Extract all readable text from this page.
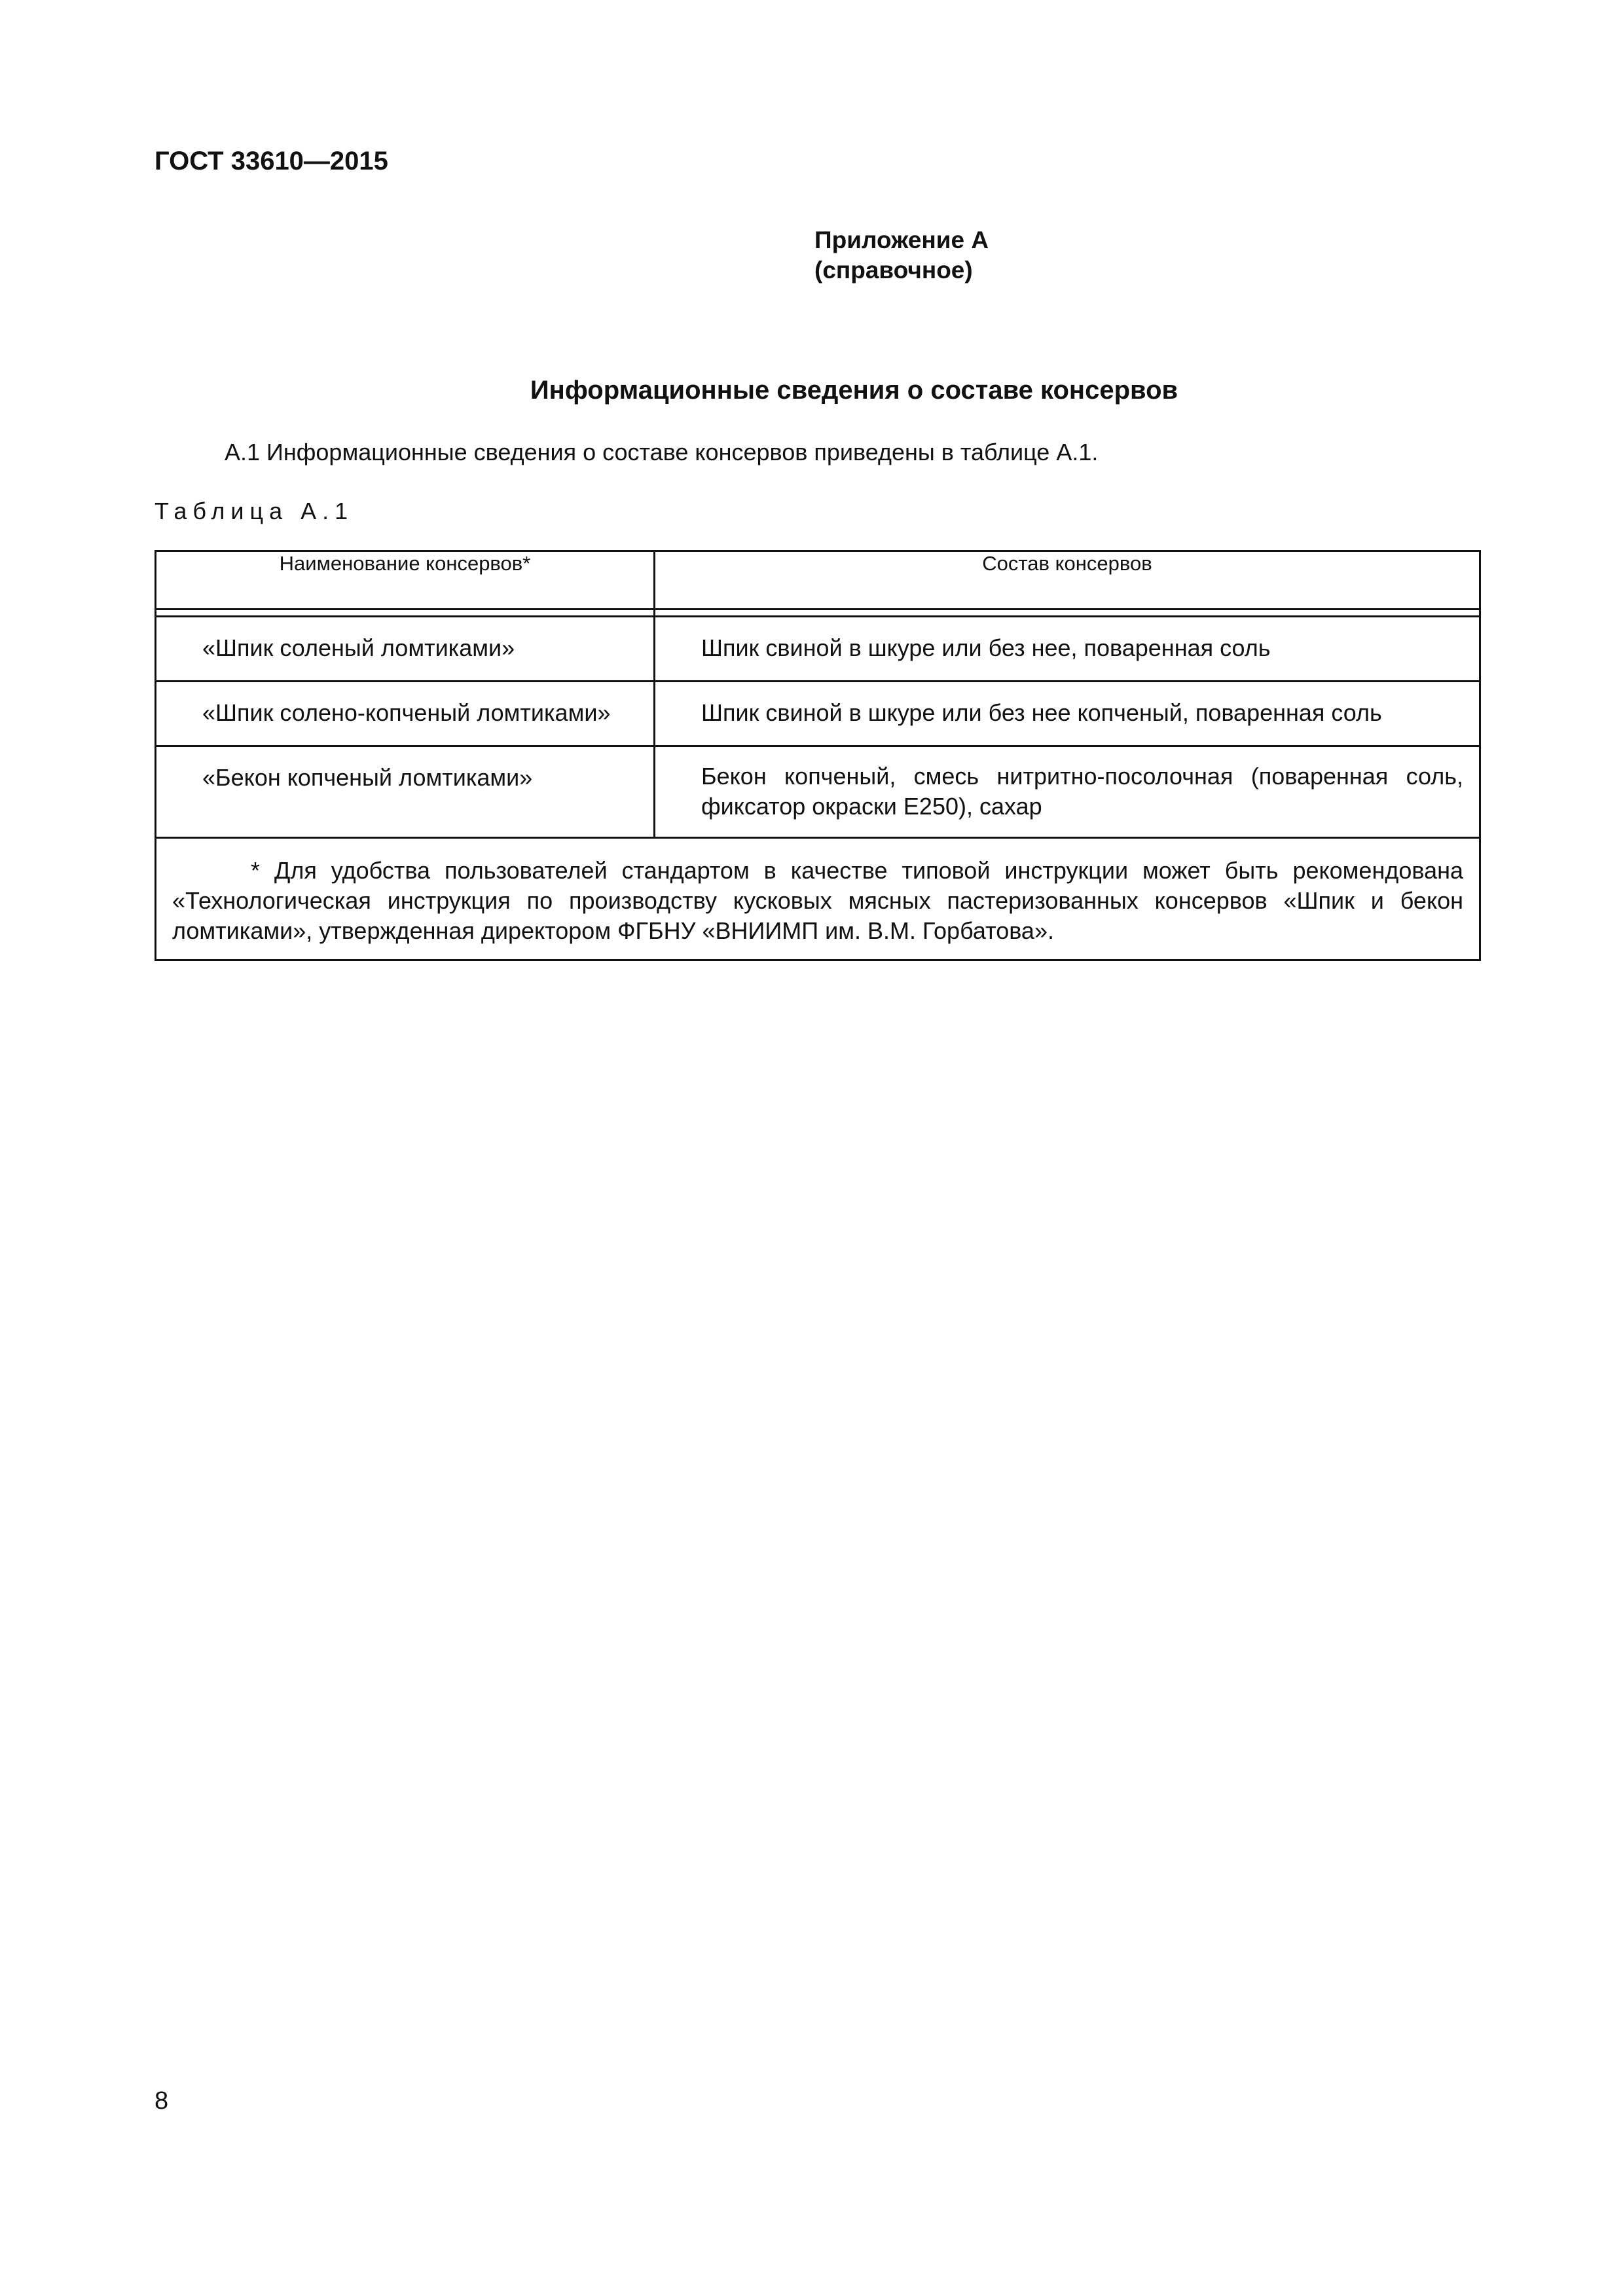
ГОСТ 33610—2015
Приложение А
(справочное)
Информационные сведения о составе консервов
А.1 Информационные сведения о составе консервов приведены в таблице А.1.
Таблица А.1
Наименование консервов*	Состав консервов

«Шпик соленый ломтиками»	Шпик свиной в шкуре или без нее, поваренная соль
«Шпик солено-копченый ломтиками»	Шпик свиной в шкуре или без нее копченый, поваренная соль
«Бекон копченый ломтиками»	Бекон копченый, смесь нитритно-посолочная (поваренная соль, фиксатор окраски Е250), сахар

* Для удобства пользователей стандартом в качестве типовой инструкции может быть рекомендована «Технологическая инструкция по производству кусковых мясных пастеризованных консервов «Шпик и бекон ломтиками», утвержденная директором ФГБНУ «ВНИИМП им. В.М. Горбатова».	
8
